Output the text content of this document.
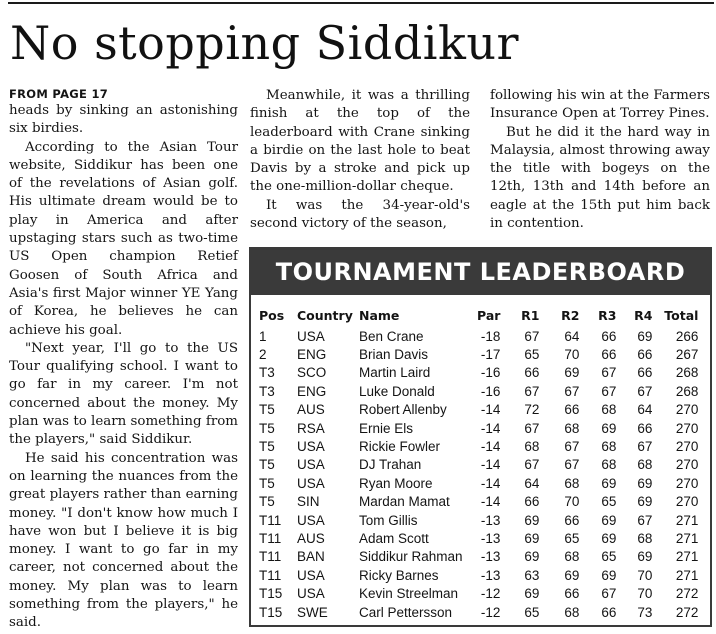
No stopping Siddikur
FROM PAGE 17

heads by sinking an astonishing six birdies.

According to the Asian Tour website, Siddikur has been one of the revelations of Asian golf. His ultimate dream would be to play in America and after upstaging stars such as two-time US Open champion Retief Goosen of South Africa and Asia's first Major winner YE Yang of Korea, he believes he can achieve his goal.

"Next year, I'll go to the US Tour qualifying school. I want to go far in my career. I'm not concerned about the money. My plan was to learn something from the players," said Siddikur.

He said his concentration was on learning the nuances from the great players rather than earning money. "I don't know how much I have won but I believe it is big money. I want to go far in my career, not concerned about the money. My plan was to learn something from the players," he said.

Meanwhile, it was a thrilling finish at the top of the leaderboard with Crane sinking a birdie on the last hole to beat Davis by a stroke and pick up the one-million-dollar cheque.

It was the 34-year-old's second victory of the season,

following his win at the Farmers Insurance Open at Torrey Pines.

But he did it the hard way in Malaysia, almost throwing away the title with bogeys on the 12th, 13th and 14th before an eagle at the 15th put him back in contention.

TOURNAMENT LEADERBOARD
Pos	Country	Name	Par	R1	R2	R3	R4	Total
1	USA	Ben Crane	-18	67	64	66	69	266
2	ENG	Brian Davis	-17	65	70	66	66	267
T3	SCO	Martin Laird	-16	66	69	67	66	268
T3	ENG	Luke Donald	-16	67	67	67	67	268
T5	AUS	Robert Allenby	-14	72	66	68	64	270
T5	RSA	Ernie Els	-14	67	68	69	66	270
T5	USA	Rickie Fowler	-14	68	67	68	67	270
T5	USA	DJ Trahan	-14	67	67	68	68	270
T5	USA	Ryan Moore	-14	64	68	69	69	270
T5	SIN	Mardan Mamat	-14	66	70	65	69	270
T11	USA	Tom Gillis	-13	69	66	69	67	271
T11	AUS	Adam Scott	-13	69	65	69	68	271
T11	BAN	Siddikur Rahman	-13	69	68	65	69	271
T11	USA	Ricky Barnes	-13	63	69	69	70	271
T15	USA	Kevin Streelman	-12	69	66	67	70	272
T15	SWE	Carl Pettersson	-12	65	68	66	73	272
